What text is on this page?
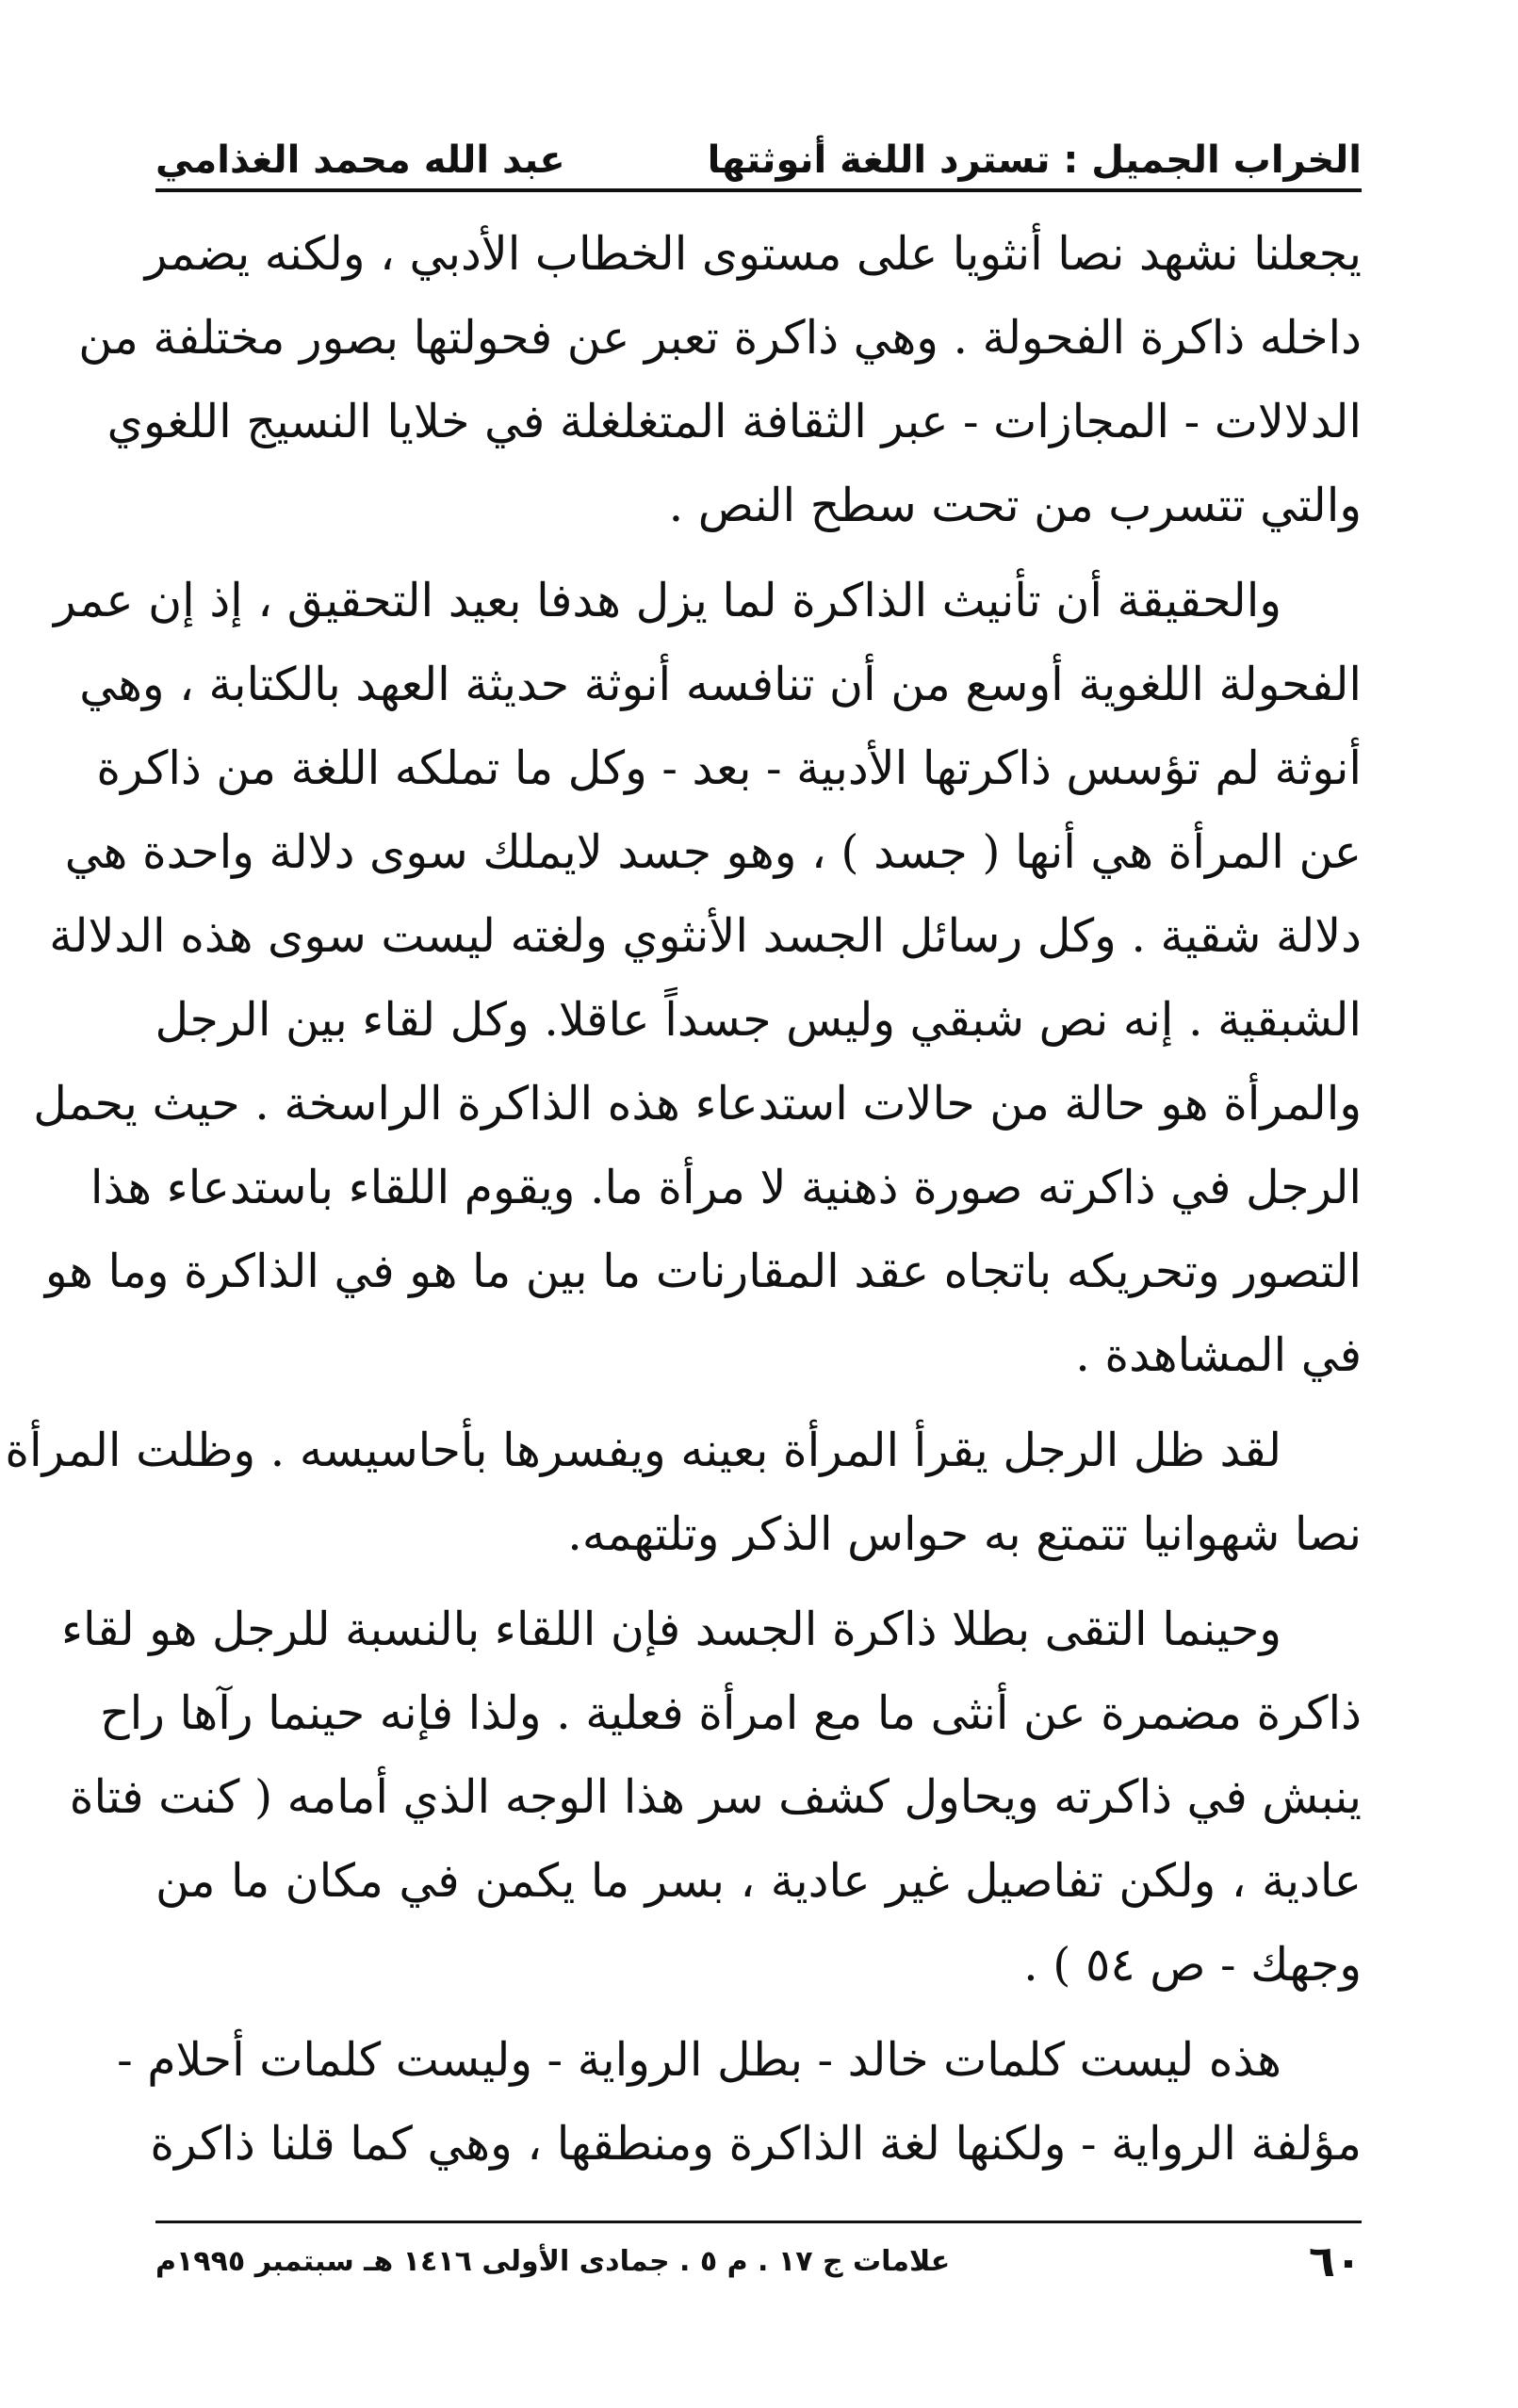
الخراب الجميل : تسترد اللغة أنوثتها
عبد الله محمد الغذامي
يجعلنا نشهد نصا أنثويا على مستوى الخطاب الأدبي ، ولكنه يضمر
داخله ذاكرة الفحولة . وهي ذاكرة تعبر عن فحولتها بصور مختلفة من
الدلالات - المجازات - عبر الثقافة المتغلغلة في خلايا النسيج اللغوي
والتي تتسرب من تحت سطح النص .
والحقيقة أن تأنيث الذاكرة لما يزل هدفا بعيد التحقيق ، إذ إن عمر
الفحولة اللغوية أوسع من أن تنافسه أنوثة حديثة العهد بالكتابة ، وهي
أنوثة لم تؤسس ذاكرتها الأدبية - بعد - وكل ما تملكه اللغة من ذاكرة
عن المرأة هي أنها ( جسد ) ، وهو جسد لايملك سوى دلالة واحدة هي
دلالة شقية . وكل رسائل الجسد الأنثوي ولغته ليست سوى هذه الدلالة
الشبقية . إنه نص شبقي وليس جسداً عاقلا. وكل لقاء بين الرجل
والمرأة هو حالة من حالات استدعاء هذه الذاكرة الراسخة . حيث يحمل
الرجل في ذاكرته صورة ذهنية لا مرأة ما. ويقوم اللقاء باستدعاء هذا
التصور وتحريكه باتجاه عقد المقارنات ما بين ما هو في الذاكرة وما هو
في المشاهدة .
لقد ظل الرجل يقرأ المرأة بعينه ويفسرها بأحاسيسه . وظلت المرأة
نصا شهوانيا تتمتع به حواس الذكر وتلتهمه.
وحينما التقى بطلا ذاكرة الجسد فإن اللقاء بالنسبة للرجل هو لقاء
ذاكرة مضمرة عن أنثى ما مع امرأة فعلية . ولذا فإنه حينما رآها راح
ينبش في ذاكرته ويحاول كشف سر هذا الوجه الذي أمامه ( كنت فتاة
عادية ، ولكن تفاصيل غير عادية ، بسر ما يكمن في مكان ما من
وجهك - ص ٥٤ ) .
هذه ليست كلمات خالد - بطل الرواية - وليست كلمات أحلام -
مؤلفة الرواية - ولكنها لغة الذاكرة ومنطقها ، وهي كما قلنا ذاكرة
٦٠
علامات ج ١٧ . م ٥ . جمادى الأولى ١٤١٦ هـ سبتمبر ١٩٩٥م
